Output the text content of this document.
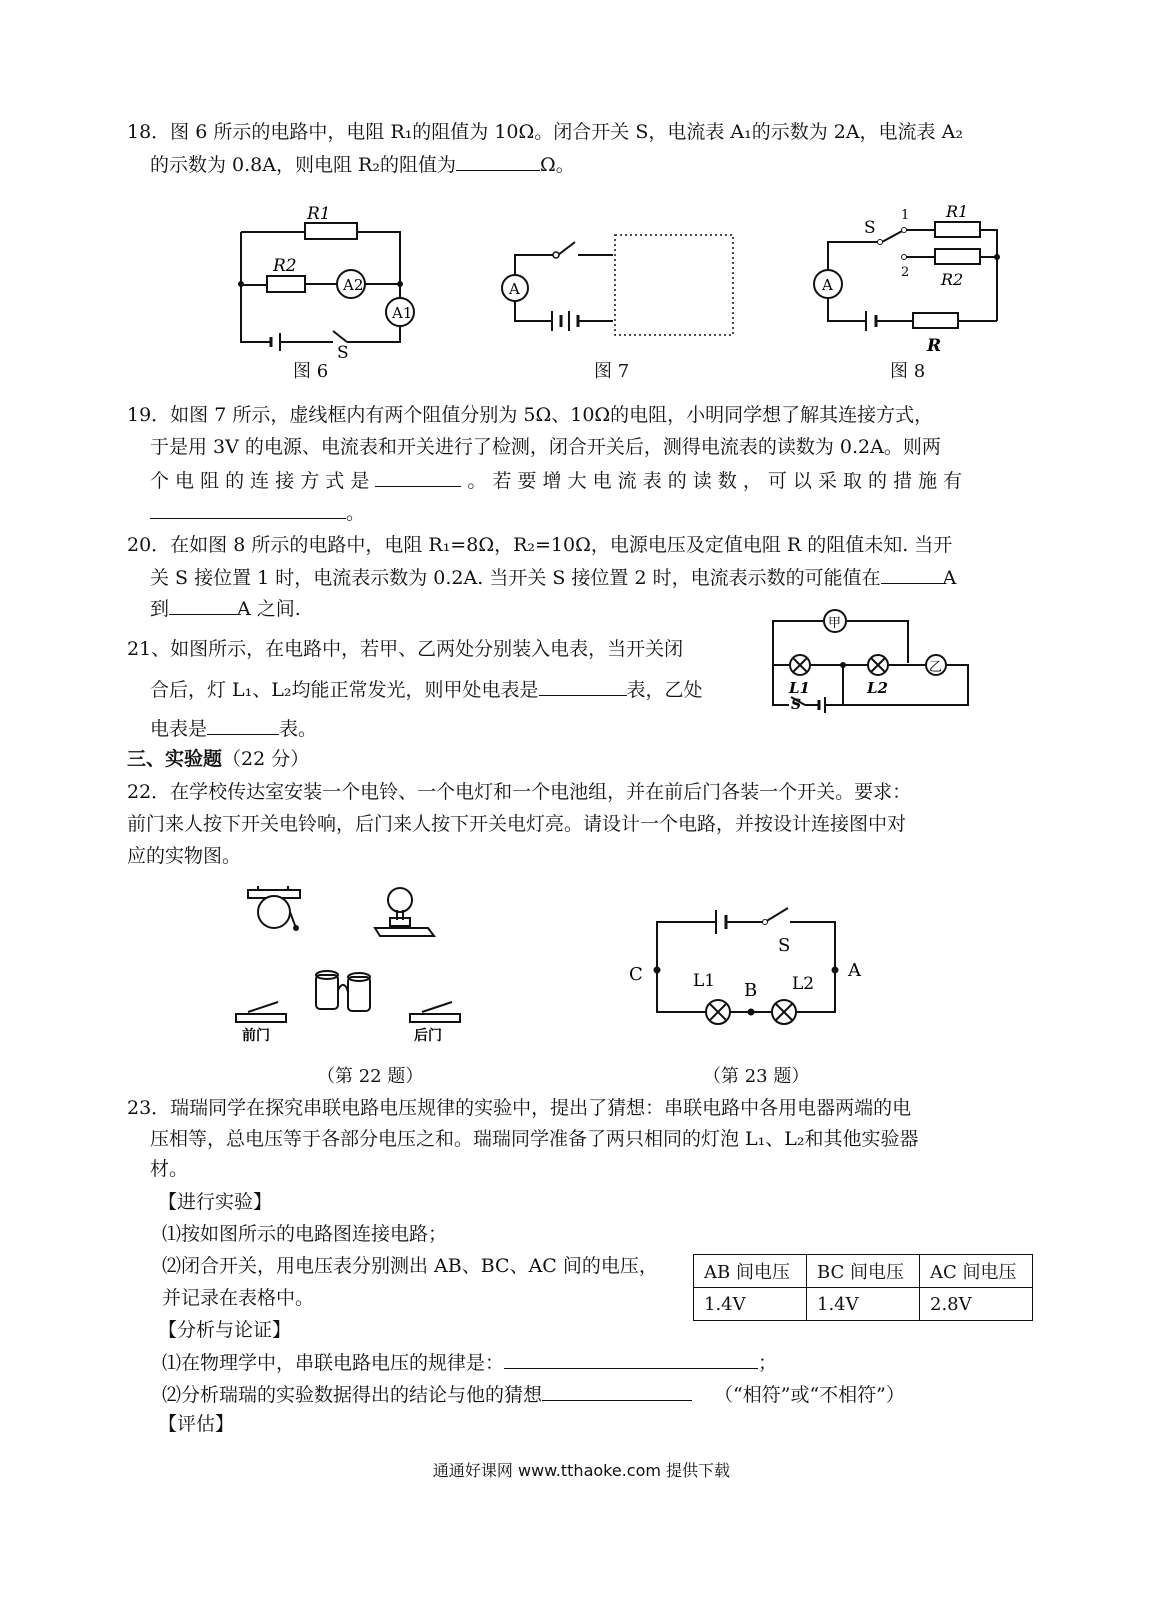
18．图 6 所示的电路中，电阻 R₁的阻值为 10Ω。闭合开关 S，电流表 A₁的示数为 2A，电流表 A₂
的示数为 0.8A，则电阻 R₂的阻值为	Ω。
R1
R2
A2
A1
S
图 6
A
图 7
S
1
2
R1
R2
A
R
图 8
19．如图 7 所示，虚线框内有两个阻值分别为 5Ω、10Ω的电阻，小明同学想了解其连接方式，
于是用 3V 的电源、电流表和开关进行了检测，闭合开关后，测得电流表的读数为 0.2A。则两
个 电 阻 的 连 接 方 式 是	。 若 要 增 大 电 流 表 的 读 数 ， 可 以 采 取 的 措 施 有
。
20．在如图 8 所示的电路中，电阻 R₁=8Ω，R₂=10Ω，电源电压及定值电阻 R 的阻值未知. 当开
关 S 接位置 1 时，电流表示数为 0.2A. 当开关 S 接位置 2 时，电流表示数的可能值在	A
到	A 之间.
21、如图所示，在电路中，若甲、乙两处分别装入电表，当开关闭
合后，灯 L₁、L₂均能正常发光，则甲处电表是	表，乙处
电表是	表。
甲
乙
L1	L2
S
三、实验题（22 分）
22．在学校传达室安装一个电铃、一个电灯和一个电池组，并在前后门各装一个开关。要求：
前门来人按下开关电铃响，后门来人按下开关电灯亮。请设计一个电路，并按设计连接图中对
应的实物图。
前门	后门
（第 22 题）
S
C	A
B
L1	L2
（第 23 题）
23．瑞瑞同学在探究串联电路电压规律的实验中，提出了猜想：串联电路中各用电器两端的电
压相等，总电压等于各部分电压之和。瑞瑞同学准备了两只相同的灯泡 L₁、L₂和其他实验器
材。
【进行实验】
⑴按如图所示的电路图连接电路；
⑵闭合开关，用电压表分别测出 AB、BC、AC 间的电压，
并记录在表格中。
AB 间电压	BC 间电压	AC 间电压
1.4V	1.4V	2.8V
【分析与论证】
⑴在物理学中，串联电路电压的规律是：	；
⑵分析瑞瑞的实验数据得出的结论与他的猜想	（“相符”或“不相符”）
【评估】
通通好课网 www.tthaoke.com 提供下载
